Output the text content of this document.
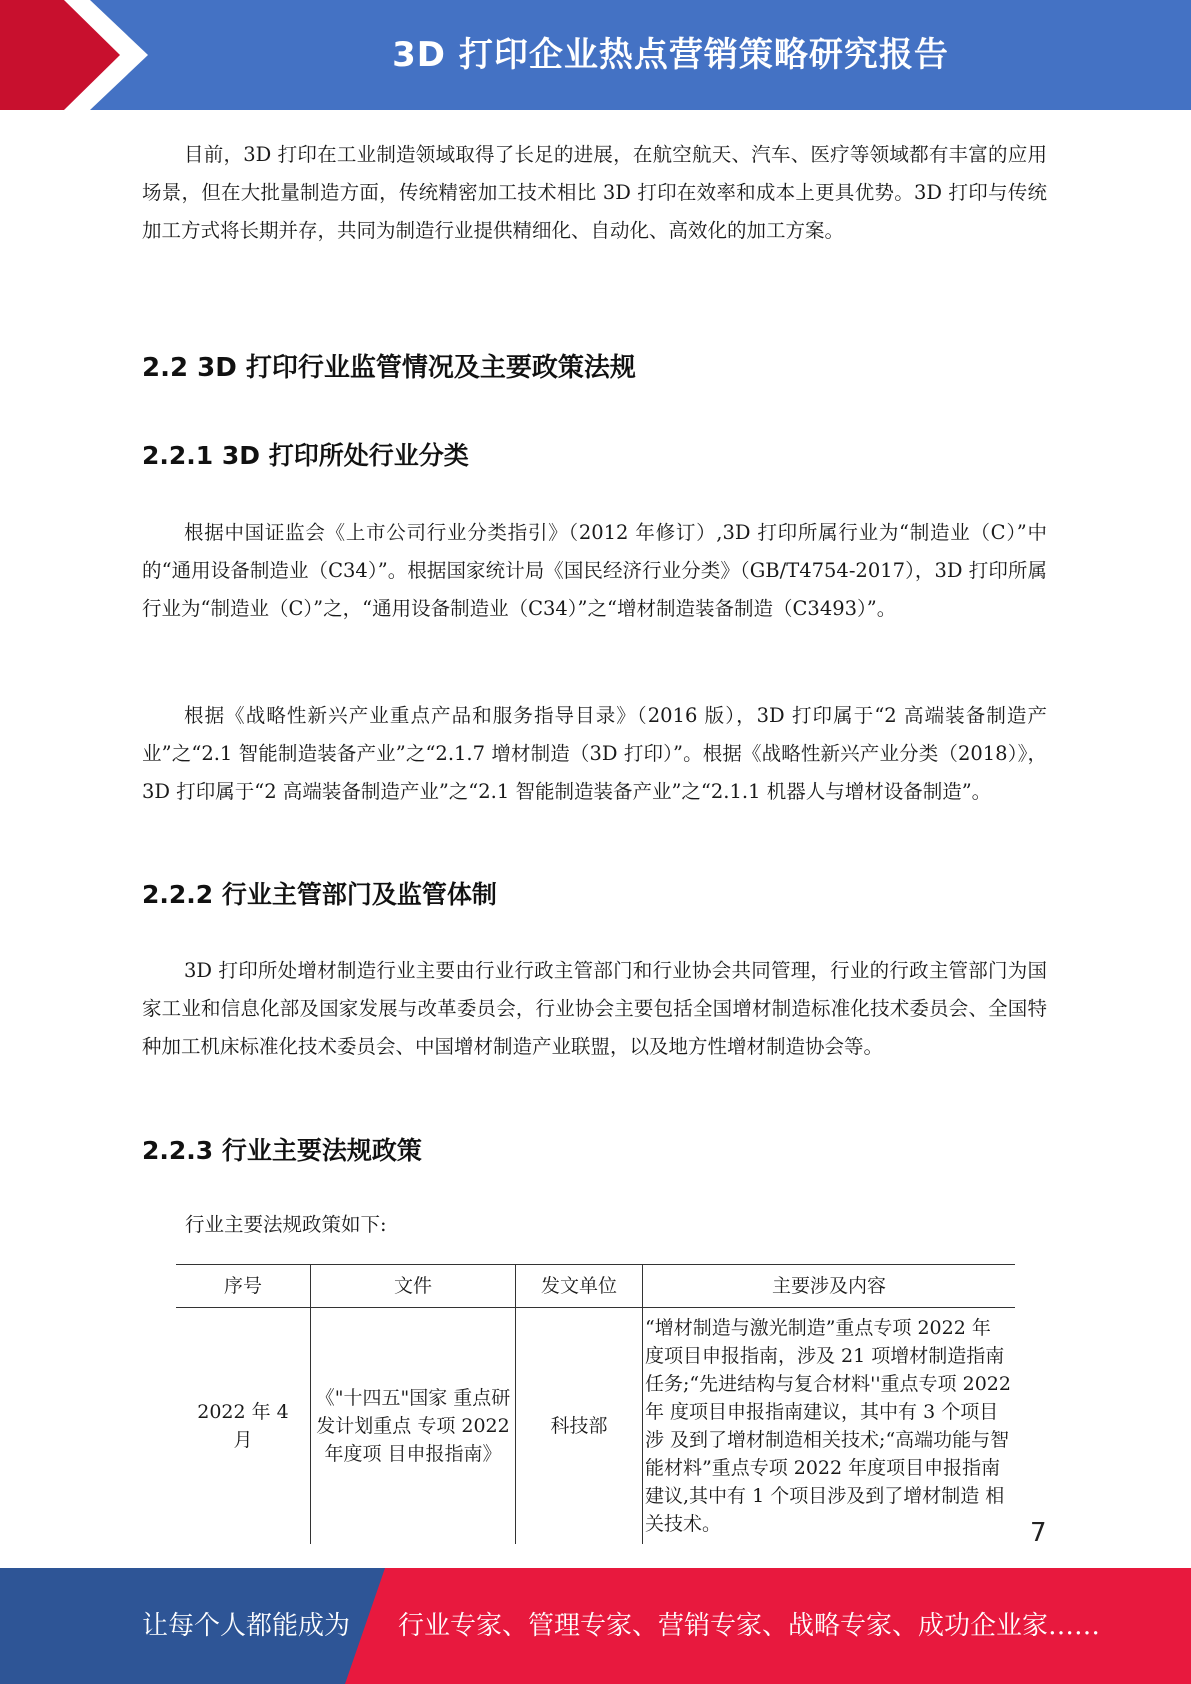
3D 打印企业热点营销策略研究报告

目前，3D 打印在工业制造领域取得了长足的进展，在航空航天、汽车、医疗等领域都有丰富的应用场景，但在大批量制造方面，传统精密加工技术相比 3D 打印在效率和成本上更具优势。3D 打印与传统加工方式将长期并存，共同为制造行业提供精细化、自动化、高效化的加工方案。

2.2 3D 打印行业监管情况及主要政策法规
2.2.1 3D 打印所处行业分类

根据中国证监会《上市公司行业分类指引》（2012 年修订）,3D 打印所属行业为“制造业（C）”中的“通用设备制造业（C34）”。根据国家统计局《国民经济行业分类》（GB/T4754-2017），3D 打印所属行业为“制造业（C）”之，“通用设备制造业（C34）”之“增材制造装备制造（C3493）”。

根据《战略性新兴产业重点产品和服务指导目录》（2016 版），3D 打印属于“2 高端装备制造产业”之“2.1 智能制造装备产业”之“2.1.7 增材制造（3D 打印）”。根据《战略性新兴产业分类（2018）》，3D 打印属于“2 高端装备制造产业”之“2.1 智能制造装备产业”之“2.1.1 机器人与增材设备制造”。

2.2.2 行业主管部门及监管体制

3D 打印所处增材制造行业主要由行业行政主管部门和行业协会共同管理，行业的行政主管部门为国家工业和信息化部及国家发展与改革委员会，行业协会主要包括全国增材制造标准化技术委员会、全国特种加工机床标准化技术委员会、中国增材制造产业联盟，以及地方性增材制造协会等。

2.2.3 行业主要法规政策

行业主要法规政策如下:

序号	文件	发文单位	主要涉及内容
2022 年 4 月	《"十四五"国家 重点研发计划重点 专项 2022 年度项 目申报指南》	科技部	“增材制造与激光制造”重点专项 2022 年 度项目申报指南，涉及 21 项增材制造指南 任务;“先进结构与复合材料''重点专项 2022 年 度项目申报指南建议，其中有 3 个项目涉 及到了增材制造相关技术;“高端功能与智 能材料”重点专项 2022 年度项目申报指南 建议,其中有 1 个项目涉及到了增材制造 相关技术。	7
让每个人都能成为 行业专家、管理专家、营销专家、战略专家、成功企业家……
